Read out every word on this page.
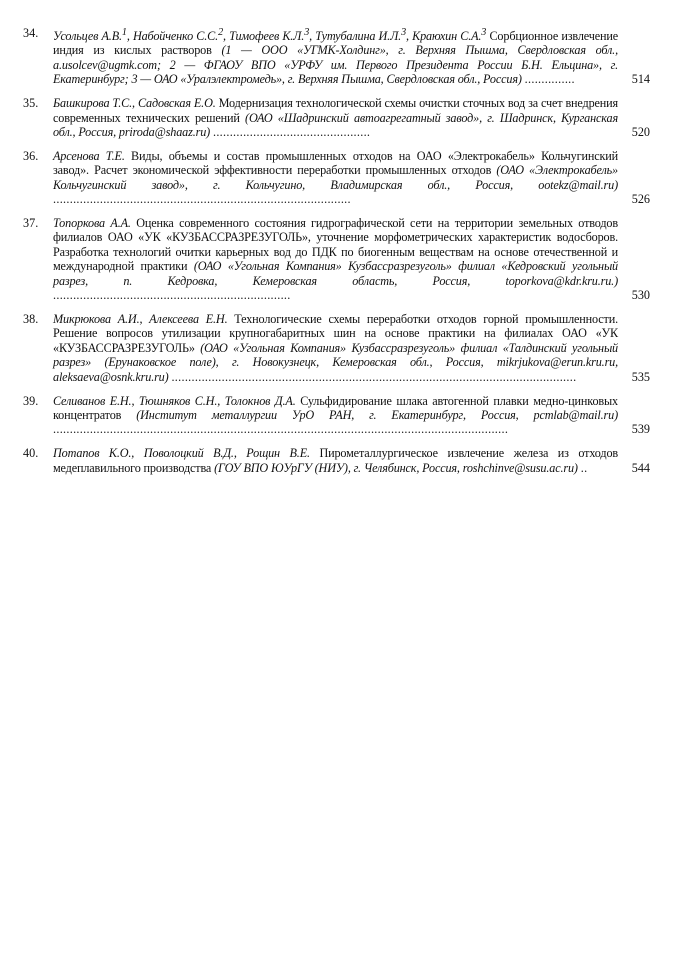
34. Усольцев А.В.$^1$, Набойченко С.С.$^2$, Тимофеев К.Л.$^3$, Тутубалина И.Л.$^3$, Краюхин С.А.$^3$ Сорбционное извлечение индия из кислых растворов (1 — ООО «УГМК-Холдинг», г. Верхняя Пышма, Свердловская обл., a.usolcev@ugmk.com; 2 — ФГАОУ ВПО «УРФУ им. Первого Президента России Б.Н. Ельцина», г. Екатеринбург; 3 — ОАО «Уралэлектромедь», г. Верхняя Пышма, Свердловская обл., Россия) ...............	514
35. Башкирова Т.С., Садовская Е.О. Модернизация технологической схемы очистки сточных вод за счет внедрения современных технических решений (ОАО «Шадринский автоагрегатный завод», г. Шадринск, Курганская обл., Россия, priroda@shaaz.ru) ...............................................	520
36. Арсенова Т.Е. Виды, объемы и состав промышленных отходов на ОАО «Электрокабель» Кольчугинский завод». Расчет экономической эффективности переработки промышленных отходов (ОАО «Электрокабель» Кольчугинский завод», г. Кольчугино, Владимирская обл., Россия, ootekz@mail.ru) .........................................................................................	526
37. Топоркова А.А. Оценка современного состояния гидрографической сети на территории земельных отводов филиалов ОАО «УК «КУЗБАССРАЗРЕЗУГОЛЬ», уточнение морфометрических характеристик водосборов. Разработка технологий очитки карьерных вод до ПДК по биогенным веществам на основе отечественной и международной практики (ОАО «Угольная Компания» Кузбассразрезуголь» филиал «Кедровский угольный разрез, п. Кедровка, Кемеровская область, Россия, toporkova@kdr.kru.ru.) .......................................................................	530
38. Микрюкова А.И., Алексеева Е.Н. Технологические схемы переработки отходов горной промышленности. Решение вопросов утилизации крупногабаритных шин на основе практики на филиалах ОАО «УК «КУЗБАССРАЗРЕЗУГОЛЬ» (ОАО «Угольная Компания» Кузбассразрезуголь» филиал «Талдинский угольный разрез» (Ерунаковское поле), г. Новокузнецк, Кемеровская обл., Россия, mikrjukova@erun.kru.ru, aleksaeva@osnk.kru.ru) .........................................................................................................................	535
39. Селиванов Е.Н., Тюшняков С.Н., Толокнов Д.А. Сульфидирование шлака автогенной плавки медно-цинковых концентратов (Институт металлургии УрО РАН, г. Екатеринбург, Россия, pcmlab@mail.ru) ........................................................................................................................................	539
40. Потапов К.О., Поволоцкий В.Д., Рощин В.Е. Пирометаллургическое извлечение железа из отходов медеплавильного производства (ГОУ ВПО ЮУрГУ (НИУ), г. Челябинск, Россия, roshchinve@susu.ac.ru) ..	544
